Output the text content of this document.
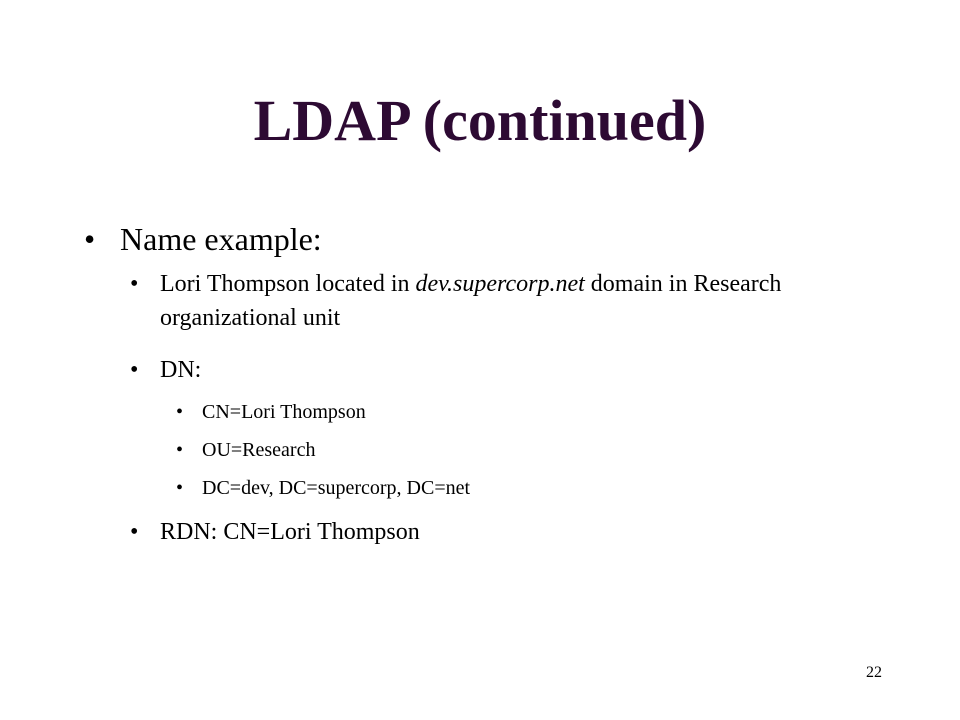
LDAP (continued)
• Name example:
• Lori Thompson located in dev.supercorp.net domain in Research organizational unit
• DN:
• CN=Lori Thompson
• OU=Research
• DC=dev, DC=supercorp, DC=net
• RDN: CN=Lori Thompson
22
